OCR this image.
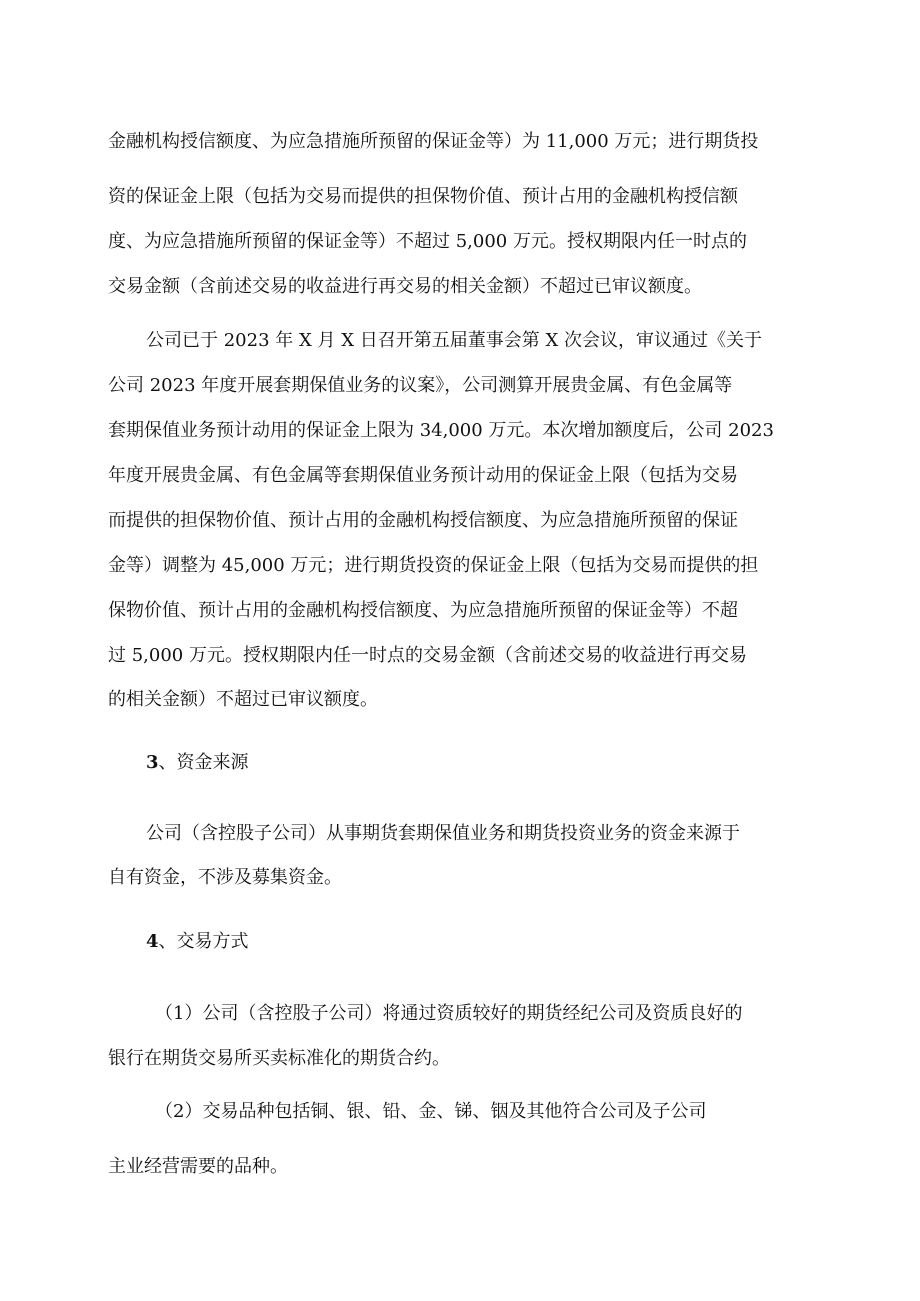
金融机构授信额度、为应急措施所预留的保证金等）为 11,000 万元；进行期货投
资的保证金上限（包括为交易而提供的担保物价值、预计占用的金融机构授信额
度、为应急措施所预留的保证金等）不超过 5,000 万元。授权期限内任一时点的
交易金额（含前述交易的收益进行再交易的相关金额）不超过已审议额度。
公司已于 2023 年 X 月 X 日召开第五届董事会第 X 次会议，审议通过《关于
公司 2023 年度开展套期保值业务的议案》，公司测算开展贵金属、有色金属等
套期保值业务预计动用的保证金上限为 34,000 万元。本次增加额度后，公司 2023
年度开展贵金属、有色金属等套期保值业务预计动用的保证金上限（包括为交易
而提供的担保物价值、预计占用的金融机构授信额度、为应急措施所预留的保证
金等）调整为 45,000 万元；进行期货投资的保证金上限（包括为交易而提供的担
保物价值、预计占用的金融机构授信额度、为应急措施所预留的保证金等）不超
过 5,000 万元。授权期限内任一时点的交易金额（含前述交易的收益进行再交易
的相关金额）不超过已审议额度。
3、资金来源
公司（含控股子公司）从事期货套期保值业务和期货投资业务的资金来源于
自有资金，不涉及募集资金。
4、交易方式
（1）公司（含控股子公司）将通过资质较好的期货经纪公司及资质良好的
银行在期货交易所买卖标准化的期货合约。
（2）交易品种包括铜、银、铅、金、锑、铟及其他符合公司及子公司
主业经营需要的品种。
